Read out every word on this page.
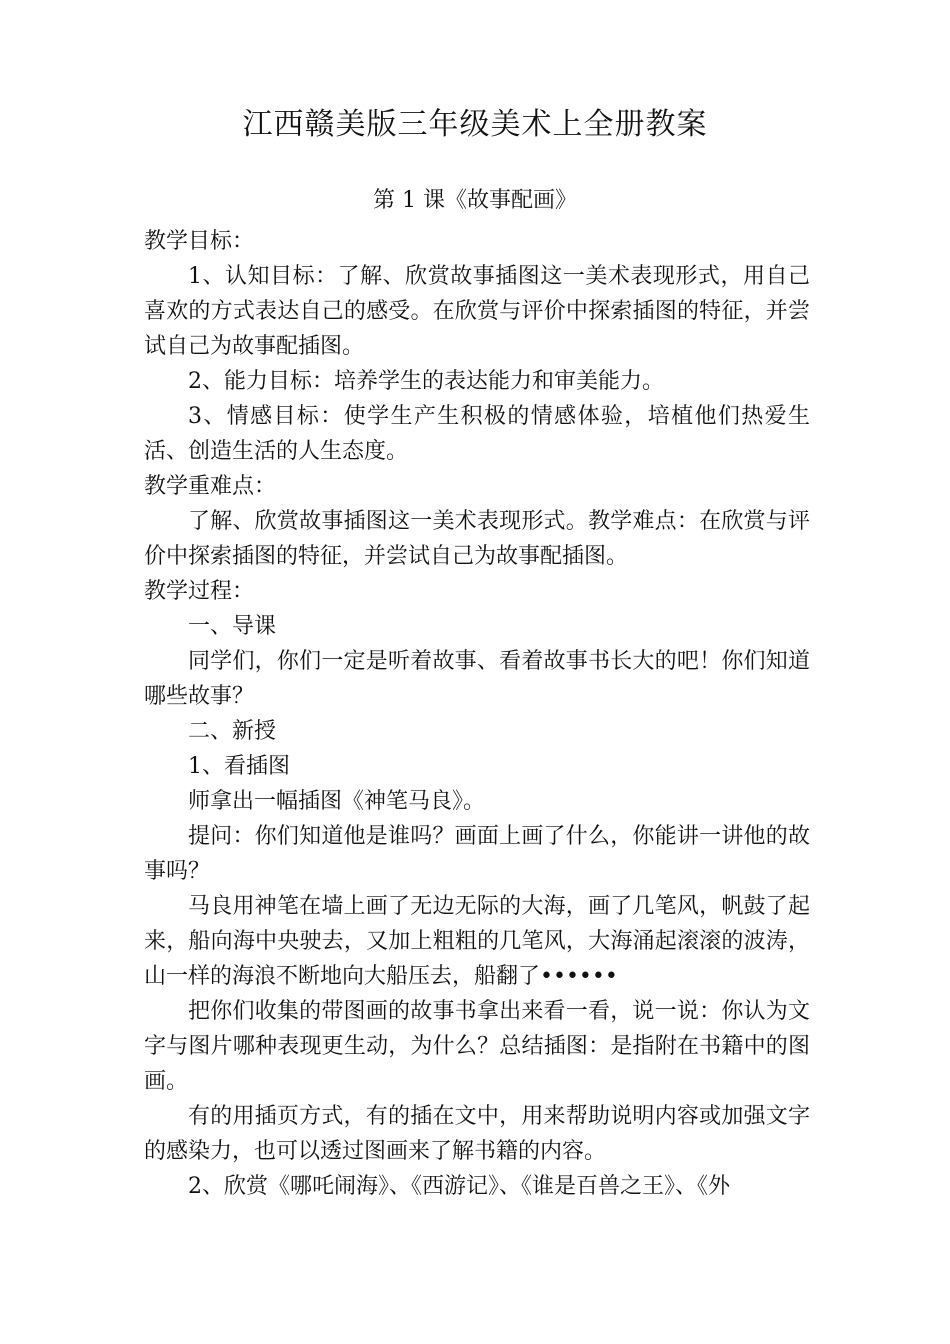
江西赣美版三年级美术上全册教案
第 1 课《故事配画》

教学目标：

1、认知目标：了解、欣赏故事插图这一美术表现形式，用自己喜欢的方式表达自己的感受。在欣赏与评价中探索插图的特征，并尝试自己为故事配插图。

2、能力目标：培养学生的表达能力和审美能力。

3、情感目标：使学生产生积极的情感体验，培植他们热爱生活、创造生活的人生态度。

教学重难点：

了解、欣赏故事插图这一美术表现形式。教学难点：在欣赏与评价中探索插图的特征，并尝试自己为故事配插图。

教学过程：

一、导课

同学们，你们一定是听着故事、看着故事书长大的吧！你们知道哪些故事？

二、新授

1、看插图

师拿出一幅插图《神笔马良》。

提问：你们知道他是谁吗？画面上画了什么，你能讲一讲他的故事吗？

马良用神笔在墙上画了无边无际的大海，画了几笔风，帆鼓了起来，船向海中央驶去，又加上粗粗的几笔风，大海涌起滚滚的波涛，山一样的海浪不断地向大船压去，船翻了••••••

把你们收集的带图画的故事书拿出来看一看，说一说：你认为文字与图片哪种表现更生动，为什么？总结插图：是指附在书籍中的图画。

有的用插页方式，有的插在文中，用来帮助说明内容或加强文字的感染力，也可以透过图画来了解书籍的内容。

2、欣赏《哪吒闹海》、《西游记》、《谁是百兽之王》、《外
